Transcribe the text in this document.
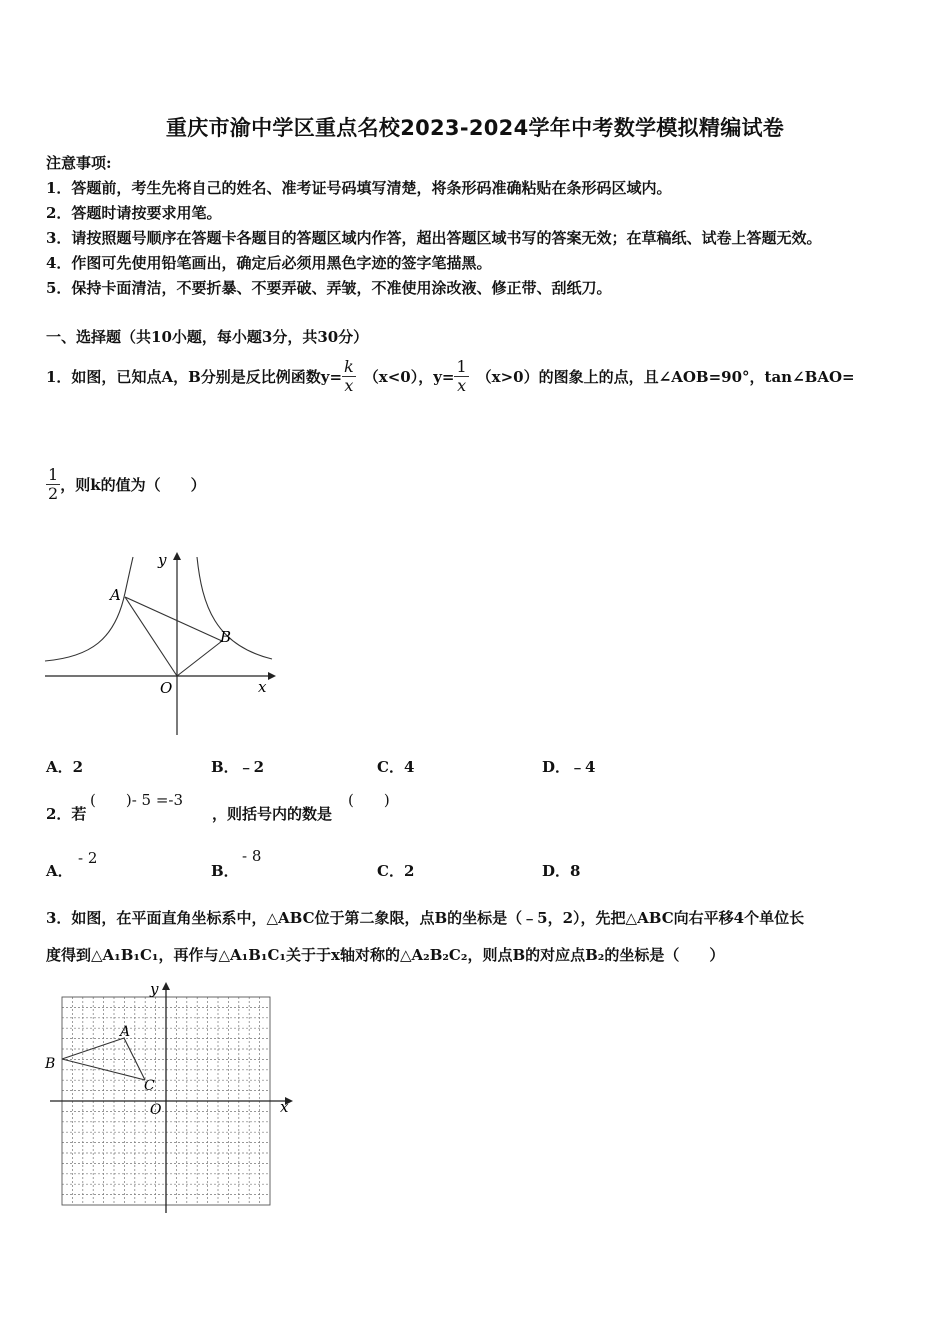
重庆市渝中学区重点名校2023-2024学年中考数学模拟精编试卷
注意事项:
1．答题前，考生先将自己的姓名、准考证号码填写清楚，将条形码准确粘贴在条形码区域内。
2．答题时请按要求用笔。
3．请按照题号顺序在答题卡各题目的答题区域内作答，超出答题区域书写的答案无效；在草稿纸、试卷上答题无效。
4．作图可先使用铅笔画出，确定后必须用黑色字迹的签字笔描黑。
5．保持卡面清洁，不要折暴、不要弄破、弄皱，不准使用涂改液、修正带、刮纸刀。
一、选择题（共10小题，每小题3分，共30分）
1．如图，已知点A，B分别是反比例函数$y= \frac{k}{x} (x<0)$，$y= \frac{1}{x} (x>0)$的图象上的点，且∠AOB=90°，tan∠BAO=
$\frac{1}{2}$ ，则k的值为（　　）
y
x
A
B
O
A．2	B．﹣2	C．4	D．﹣4
2．若
(　　)- 5 =-3
，则括号内的数是
(　　)
A．
- 2
B．
- 8
C．2	D．8
3．如图，在平面直角坐标系中，△ABC位于第二象限，点B的坐标是（﹣5，2），先把△ABC向右平移4个单位长
度得到△A₁B₁C₁，再作与△A₁B₁C₁关于于x轴对称的△A₂B₂C₂，则点B的对应点B₂的坐标是（　　）
y
x
A
B
C
O
